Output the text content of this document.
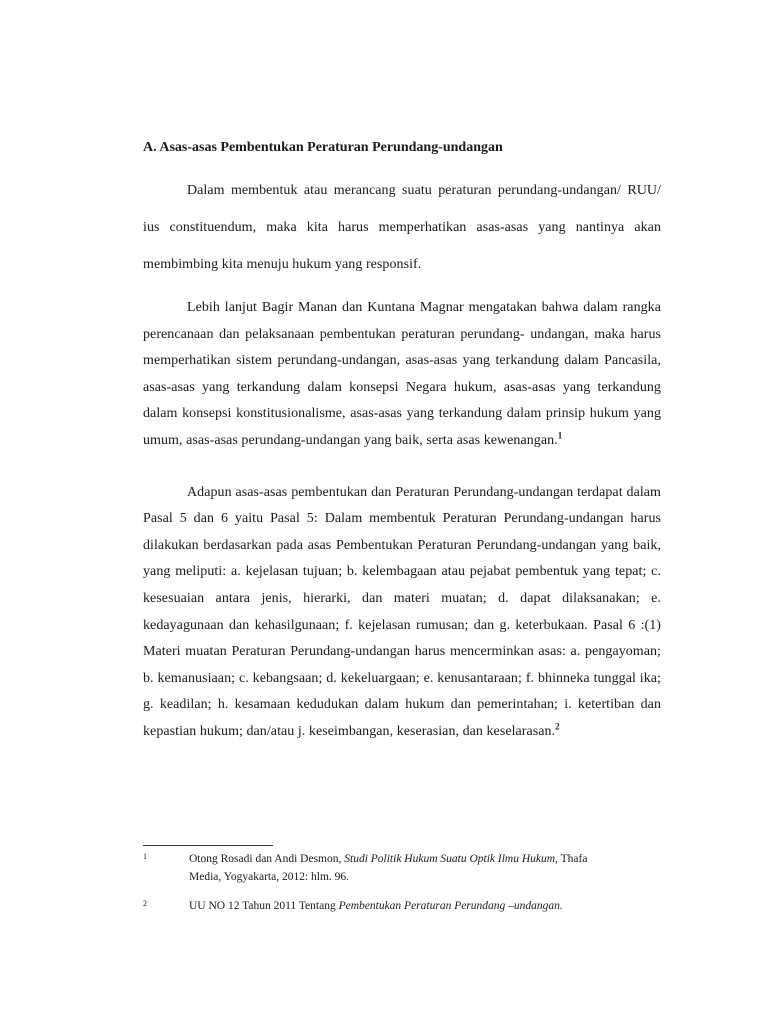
A. Asas-asas Pembentukan Peraturan Perundang-undangan

Dalam membentuk atau merancang suatu peraturan perundang-undangan/ RUU/ ius constituendum, maka kita harus memperhatikan asas-asas yang nantinya akan membimbing kita menuju hukum yang responsif.

Lebih lanjut Bagir Manan dan Kuntana Magnar mengatakan bahwa dalam rangka perencanaan dan pelaksanaan pembentukan peraturan perundang- undangan, maka harus memperhatikan sistem perundang-undangan, asas-asas yang terkandung dalam Pancasila, asas-asas yang terkandung dalam konsepsi Negara hukum, asas-asas yang terkandung dalam konsepsi konstitusionalisme, asas-asas yang terkandung dalam prinsip hukum yang umum, asas-asas perundang-undangan yang baik, serta asas kewenangan.$^1$

Adapun asas-asas pembentukan dan Peraturan Perundang-undangan terdapat dalam Pasal 5 dan 6 yaitu Pasal 5: Dalam membentuk Peraturan Perundang-undangan harus dilakukan berdasarkan pada asas Pembentukan Peraturan Perundang-undangan yang baik, yang meliputi: a. kejelasan tujuan; b. kelembagaan atau pejabat pembentuk yang tepat; c. kesesuaian antara jenis, hierarki, dan materi muatan; d. dapat dilaksanakan; e. kedayagunaan dan kehasilgunaan; f. kejelasan rumusan; dan g. keterbukaan. Pasal 6 :(1) Materi muatan Peraturan Perundang-undangan harus mencerminkan asas: a. pengayoman; b. kemanusiaan; c. kebangsaan; d. kekeluargaan; e. kenusantaraan; f. bhinneka tunggal ika; g. keadilan; h. kesamaan kedudukan dalam hukum dan pemerintahan; i. ketertiban dan kepastian hukum; dan/atau j. keseimbangan, keserasian, dan keselarasan.$^2$

1	Otong Rosadi dan Andi Desmon, Studi Politik Hukum Suatu Optik Ilmu Hukum, Thafa Media, Yogyakarta, 2012: hlm. 96.
2	UU NO 12 Tahun 2011 Tentang Pembentukan Peraturan Perundang –undangan.
